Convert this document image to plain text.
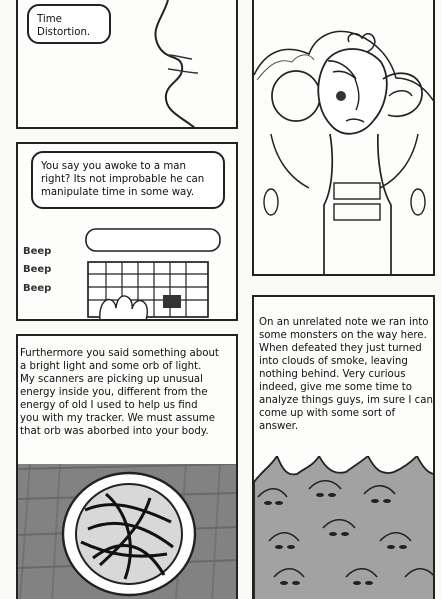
Time
Distortion.
You say you awoke to a man
right? Its not improbable he can
manipulate time in some way.
Beep
Beep
Beep
Furthermore you said something about
a bright light and some orb of light.
My scanners are picking up unusual
energy inside you, different from the
energy of old I used to help us find
you with my tracker. We must assume
that orb was aborbed into your body.
On an unrelated note we ran into
some monsters on the way here.
When defeated they just turned
into clouds of smoke, leaving
nothing behind. Very curious
indeed, give me some time to
analyze things guys, im sure I can
come up with some sort of answer.
